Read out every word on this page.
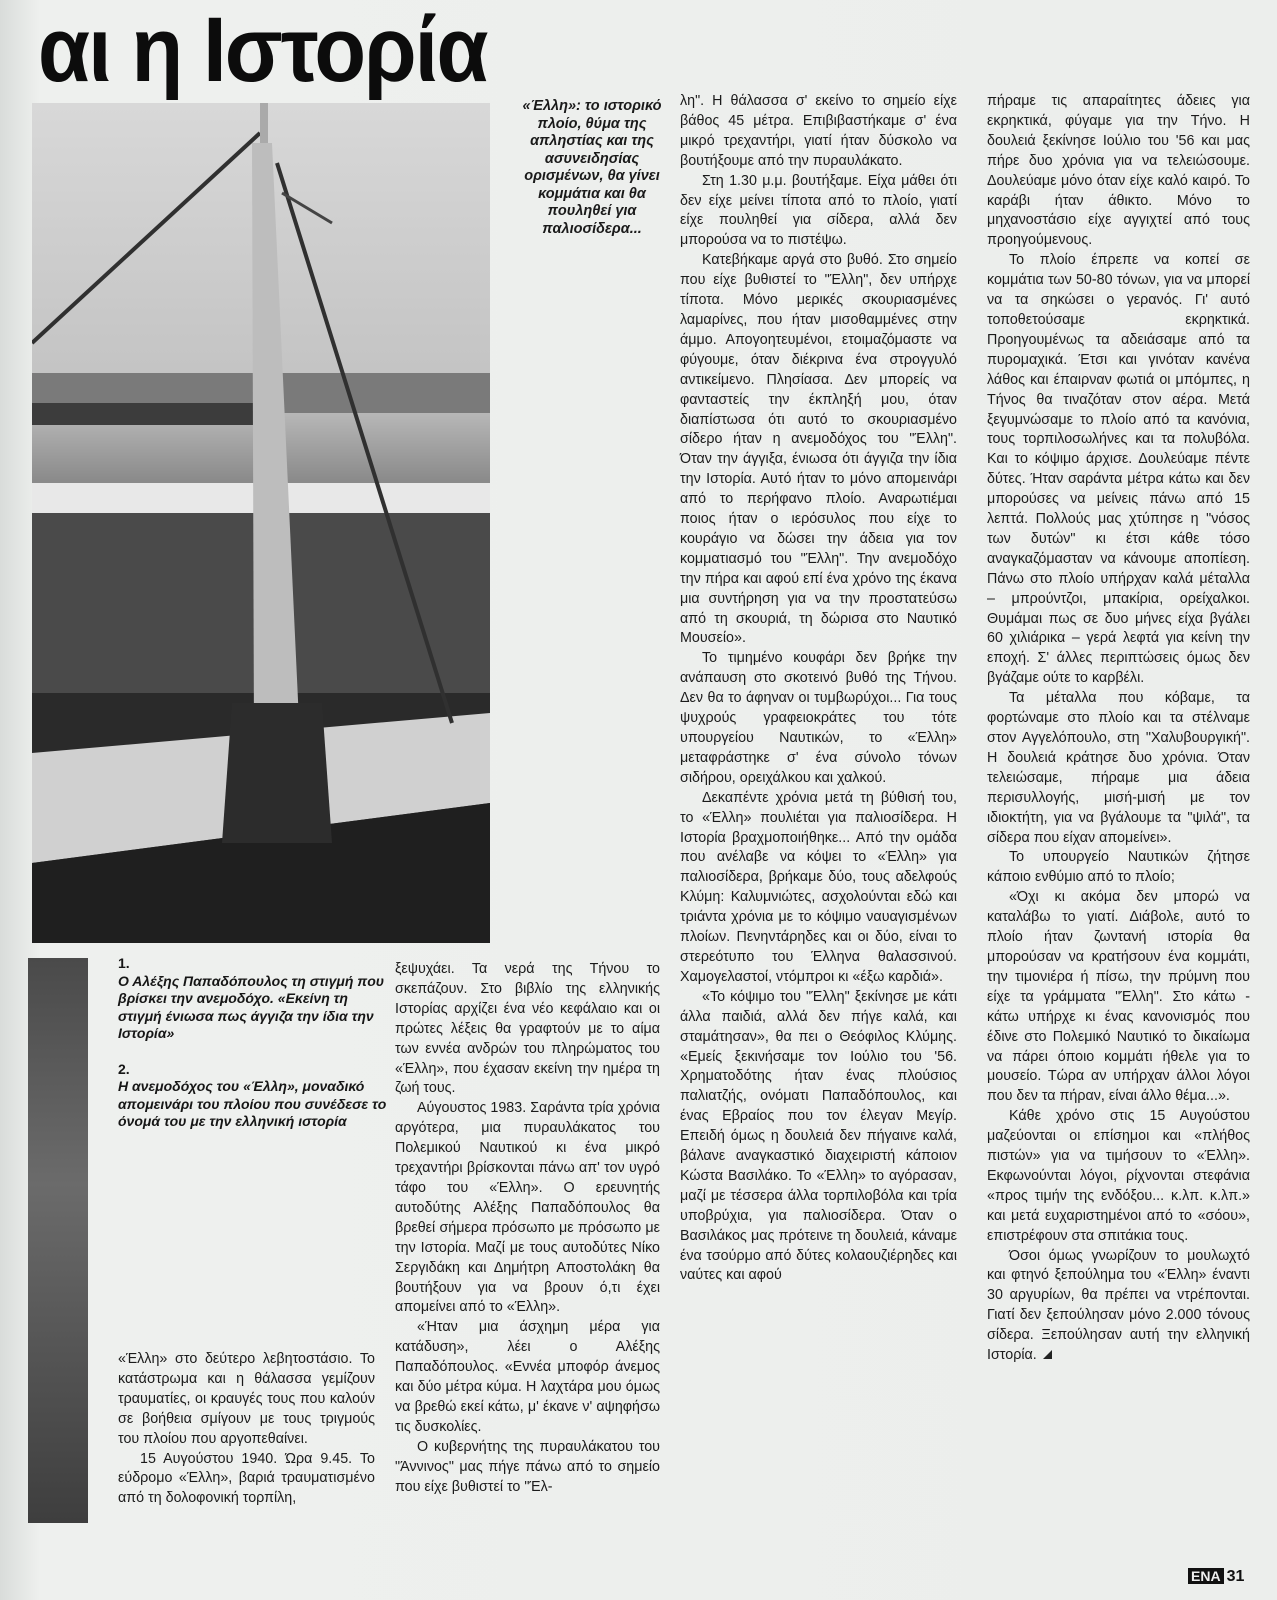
αι η Ιστορία
«Έλλη»: το ιστορικό πλοίο, θύμα της απληστίας και της ασυνειδησίας ορισμένων, θα γίνει κομμάτια και θα πουληθεί για παλιοσίδερα...

1.
Ο Αλέξης Παπαδόπουλος τη στιγμή που βρίσκει την ανεμοδόχο. «Εκείνη τη στιγμή ένιωσα πως άγγιζα την ίδια την Ιστορία»

2.
Η ανεμοδόχος του «Έλλη», μοναδικό απομεινάρι του πλοίου που συνέδεσε το όνομά του με την ελληνική ιστορία

«Έλλη» στο δεύτερο λεβητοστάσιο. Το κατάστρωμα και η θάλασσα γεμίζουν τραυματίες, οι κραυγές τους που καλούν σε βοήθεια σμίγουν με τους τριγμούς του πλοίου που αργοπεθαίνει.

15 Αυγούστου 1940. Ώρα 9.45. Το εύδρομο «Έλλη», βαριά τραυματισμένο από τη δολοφονική τορπίλη,

ξεψυχάει. Τα νερά της Τήνου το σκεπάζουν. Στο βιβλίο της ελληνικής Ιστορίας αρχίζει ένα νέο κεφάλαιο και οι πρώτες λέξεις θα γραφτούν με το αίμα των εννέα ανδρών του πληρώματος του «Έλλη», που έχασαν εκείνη την ημέρα τη ζωή τους.

Αύγουστος 1983. Σαράντα τρία χρόνια αργότερα, μια πυραυλάκατος του Πολεμικού Ναυτικού κι ένα μικρό τρεχαντήρι βρίσκονται πάνω απ' τον υγρό τάφο του «Έλλη». Ο ερευνητής αυτοδύτης Αλέξης Παπαδόπουλος θα βρεθεί σήμερα πρόσωπο με πρόσωπο με την Ιστορία. Μαζί με τους αυτοδύτες Νίκο Σεργιδάκη και Δημήτρη Αποστολάκη θα βουτήξουν για να βρουν ό,τι έχει απομείνει από το «Έλλη».

«Ήταν μια άσχημη μέρα για κατάδυση», λέει ο Αλέξης Παπαδόπουλος. «Εννέα μποφόρ άνεμος και δύο μέτρα κύμα. Η λαχτάρα μου όμως να βρεθώ εκεί κάτω, μ' έκανε ν' αψηφήσω τις δυσκολίες.

Ο κυβερνήτης της πυραυλάκατου του "Άννινος" μας πήγε πάνω από το σημείο που είχε βυθιστεί το "Έλ-

λη". Η θάλασσα σ' εκείνο το σημείο είχε βάθος 45 μέτρα. Επιβιβαστήκαμε σ' ένα μικρό τρεχαντήρι, γιατί ήταν δύσκολο να βουτήξουμε από την πυραυλάκατο.

Στη 1.30 μ.μ. βουτήξαμε. Είχα μάθει ότι δεν είχε μείνει τίποτα από το πλοίο, γιατί είχε πουληθεί για σίδερα, αλλά δεν μπορούσα να το πιστέψω.

Κατεβήκαμε αργά στο βυθό. Στο σημείο που είχε βυθιστεί το "Έλλη", δεν υπήρχε τίποτα. Μόνο μερικές σκουριασμένες λαμαρίνες, που ήταν μισοθαμμένες στην άμμο. Απογοητευμένοι, ετοιμαζόμαστε να φύγουμε, όταν διέκρινα ένα στρογγυλό αντικείμενο. Πλησίασα. Δεν μπορείς να φανταστείς την έκπληξή μου, όταν διαπίστωσα ότι αυτό το σκουριασμένο σίδερο ήταν η ανεμοδόχος του "Έλλη". Όταν την άγγιξα, ένιωσα ότι άγγιζα την ίδια την Ιστορία. Αυτό ήταν το μόνο απομεινάρι από το περήφανο πλοίο. Αναρωτιέμαι ποιος ήταν ο ιερόσυλος που είχε το κουράγιο να δώσει την άδεια για τον κομματιασμό του "Έλλη". Την ανεμοδόχο την πήρα και αφού επί ένα χρόνο της έκανα μια συντήρηση για να την προστατεύσω από τη σκουριά, τη δώρισα στο Ναυτικό Μουσείο».

Το τιμημένο κουφάρι δεν βρήκε την ανάπαυση στο σκοτεινό βυθό της Τήνου. Δεν θα το άφηναν οι τυμβωρύχοι... Για τους ψυχρούς γραφειοκράτες του τότε υπουργείου Ναυτικών, το «Έλλη» μεταφράστηκε σ' ένα σύνολο τόνων σιδήρου, ορειχάλκου και χαλκού.

Δεκαπέντε χρόνια μετά τη βύθισή του, το «Έλλη» πουλιέται για παλιοσίδερα. Η Ιστορία βραχμοποιήθηκε... Από την ομάδα που ανέλαβε να κόψει το «Έλλη» για παλιοσίδερα, βρήκαμε δύο, τους αδελφούς Κλύμη: Καλυμνιώτες, ασχολούνται εδώ και τριάντα χρόνια με το κόψιμο ναυαγισμένων πλοίων. Πενηντάρηδες και οι δύο, είναι το στερεότυπο του Έλληνα θαλασσινού. Χαμογελαστοί, ντόμπροι κι «έξω καρδιά».

«Το κόψιμο του "Έλλη" ξεκίνησε με κάτι άλλα παιδιά, αλλά δεν πήγε καλά, και σταμάτησαν», θα πει ο Θεόφιλος Κλύμης. «Εμείς ξεκινήσαμε τον Ιούλιο του '56. Χρηματοδότης ήταν ένας πλούσιος παλιατζής, ονόματι Παπαδόπουλος, και ένας Εβραίος που τον έλεγαν Μεγίρ. Επειδή όμως η δουλειά δεν πήγαινε καλά, βάλανε αναγκαστικό διαχειριστή κάποιον Κώστα Βασιλάκο. Το «Έλλη» το αγόρασαν, μαζί με τέσσερα άλλα τορπιλοβόλα και τρία υποβρύχια, για παλιοσίδερα. Όταν ο Βασιλάκος μας πρότεινε τη δουλειά, κάναμε ένα τσούρμο από δύτες κολαουζιέρηδες και ναύτες και αφού

πήραμε τις απαραίτητες άδειες για εκρηκτικά, φύγαμε για την Τήνο. Η δουλειά ξεκίνησε Ιούλιο του '56 και μας πήρε δυο χρόνια για να τελειώσουμε. Δουλεύαμε μόνο όταν είχε καλό καιρό. Το καράβι ήταν άθικτο. Μόνο το μηχανοστάσιο είχε αγγιχτεί από τους προηγούμενους.

Το πλοίο έπρεπε να κοπεί σε κομμάτια των 50-80 τόνων, για να μπορεί να τα σηκώσει ο γερανός. Γι' αυτό τοποθετούσαμε εκρηκτικά. Προηγουμένως τα αδειάσαμε από τα πυρομαχικά. Έτσι και γινόταν κανένα λάθος και έπαιρναν φωτιά οι μπόμπες, η Τήνος θα τιναζόταν στον αέρα. Μετά ξεγυμνώσαμε το πλοίο από τα κανόνια, τους τορπιλοσωλήνες και τα πολυβόλα. Και το κόψιμο άρχισε. Δουλεύαμε πέντε δύτες. Ήταν σαράντα μέτρα κάτω και δεν μπορούσες να μείνεις πάνω από 15 λεπτά. Πολλούς μας χτύπησε η "νόσος των δυτών" κι έτσι κάθε τόσο αναγκαζόμασταν να κάνουμε αποπίεση. Πάνω στο πλοίο υπήρχαν καλά μέταλλα – μπρούντζοι, μπακίρια, ορείχαλκοι. Θυμάμαι πως σε δυο μήνες είχα βγάλει 60 χιλιάρικα – γερά λεφτά για κείνη την εποχή. Σ' άλλες περιπτώσεις όμως δεν βγάζαμε ούτε το καρβέλι.

Τα μέταλλα που κόβαμε, τα φορτώναμε στο πλοίο και τα στέλναμε στον Αγγελόπουλο, στη "Χαλυβουργική". Η δουλειά κράτησε δυο χρόνια. Όταν τελειώσαμε, πήραμε μια άδεια περισυλλογής, μισή-μισή με τον ιδιοκτήτη, για να βγάλουμε τα "ψιλά", τα σίδερα που είχαν απομείνει».

Το υπουργείο Ναυτικών ζήτησε κάποιο ενθύμιο από το πλοίο;

«Όχι κι ακόμα δεν μπορώ να καταλάβω το γιατί. Διάβολε, αυτό το πλοίο ήταν ζωντανή ιστορία θα μπορούσαν να κρατήσουν ένα κομμάτι, την τιμονιέρα ή πίσω, την πρύμνη που είχε τα γράμματα "Έλλη". Στο κάτω - κάτω υπήρχε κι ένας κανονισμός που έδινε στο Πολεμικό Ναυτικό το δικαίωμα να πάρει όποιο κομμάτι ήθελε για το μουσείο. Τώρα αν υπήρχαν άλλοι λόγοι που δεν τα πήραν, είναι άλλο θέμα...».

Κάθε χρόνο στις 15 Αυγούστου μαζεύονται οι επίσημοι και «πλήθος πιστών» για να τιμήσουν το «Έλλη». Εκφωνούνται λόγοι, ρίχνονται στεφάνια «προς τιμήν της ενδόξου... κ.λπ. κ.λπ.» και μετά ευχαριστημένοι από το «σόου», επιστρέφουν στα σπιτάκια τους.

Όσοι όμως γνωρίζουν το μουλωχτό και φτηνό ξεπούλημα του «Έλλη» έναντι 30 αργυρίων, θα πρέπει να ντρέπονται. Γιατί δεν ξεπούλησαν μόνο 2.000 τόνους σίδερα. Ξεπούλησαν αυτή την ελληνική Ιστορία.

ΕΝΑ 31
